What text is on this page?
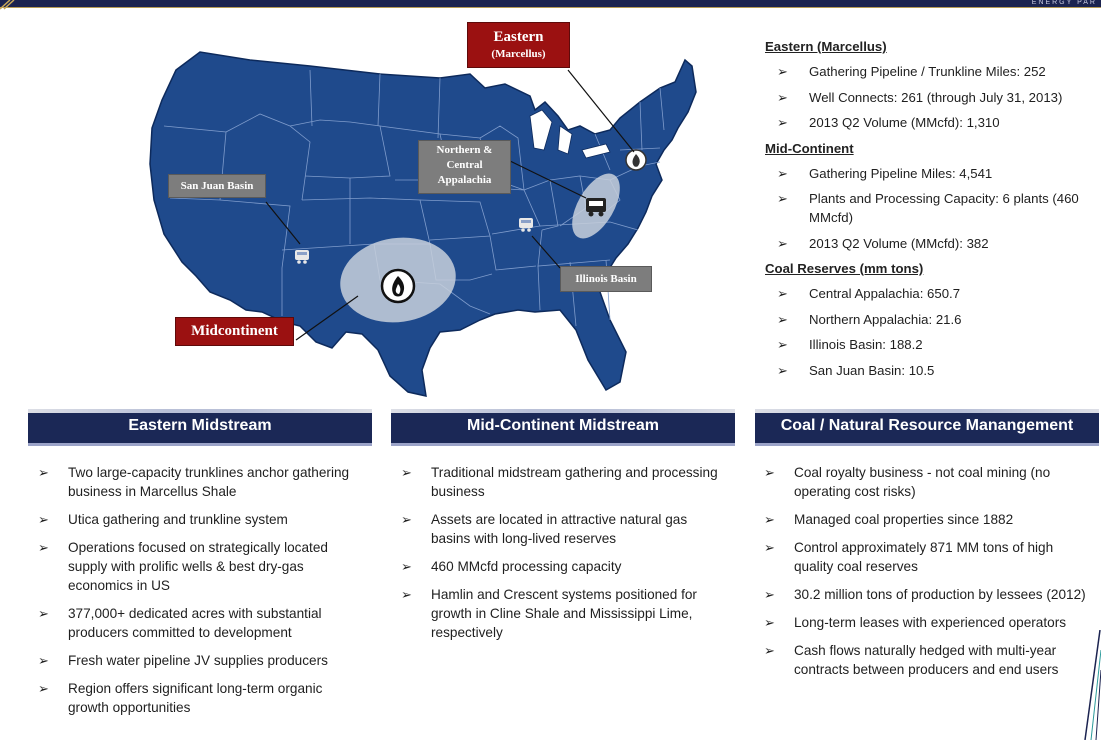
ENERGY PAR
Eastern
(Marcellus)
Northern &
Central
Appalachia
San Juan Basin
Illinois Basin
Midcontinent
Eastern (Marcellus)
➢ Gathering Pipeline / Trunkline Miles: 252
➢ Well Connects: 261 (through July 31, 2013)
➢ 2013 Q2 Volume (MMcfd): 1,310
Mid-Continent
➢ Gathering Pipeline Miles: 4,541
➢ Plants and Processing Capacity: 6 plants (460 MMcfd)
➢ 2013 Q2 Volume (MMcfd): 382
Coal Reserves (mm tons)
➢ Central Appalachia: 650.7
➢ Northern Appalachia: 21.6
➢ Illinois Basin: 188.2
➢ San Juan Basin: 10.5
Eastern Midstream	Mid-Continent Midstream	Coal / Natural Resource Manangement
➢ Two large-capacity trunklines anchor gathering business in Marcellus Shale
➢ Utica gathering and trunkline system
➢ Operations focused on strategically located supply with prolific wells & best dry-gas economics in US
➢ 377,000+ dedicated acres with substantial producers committed to development
➢ Fresh water pipeline JV supplies producers
➢ Region offers significant long-term organic growth opportunities
➢ Traditional midstream gathering and processing business
➢ Assets are located in attractive natural gas basins with long-lived reserves
➢ 460 MMcfd processing capacity
➢ Hamlin and Crescent systems positioned for growth in Cline Shale and Mississippi Lime, respectively
➢ Coal royalty business - not coal mining (no operating cost risks)
➢ Managed coal properties since 1882
➢ Control approximately 871 MM tons of high quality coal reserves
➢ 30.2 million tons of production by lessees (2012)
➢ Long-term leases with experienced operators
➢ Cash flows naturally hedged with multi-year contracts between producers and end users
